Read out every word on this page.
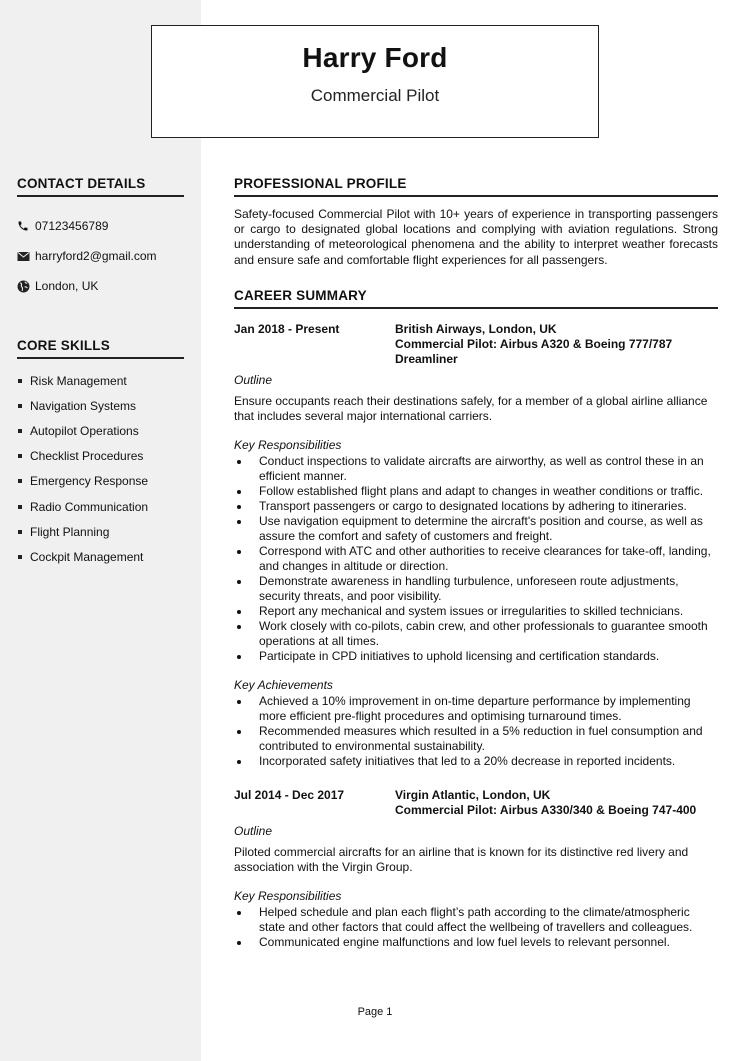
Harry Ford
Commercial Pilot
CONTACT DETAILS
07123456789
harryford2@gmail.com
London, UK
CORE SKILLS
Risk Management
Navigation Systems
Autopilot Operations
Checklist Procedures
Emergency Response
Radio Communication
Flight Planning
Cockpit Management
PROFESSIONAL PROFILE

Safety-focused Commercial Pilot with 10+ years of experience in transporting passengers or cargo to designated global locations and complying with aviation regulations. Strong understanding of meteorological phenomena and the ability to interpret weather forecasts and ensure safe and comfortable flight experiences for all passengers.

CAREER SUMMARY
Jan 2018 - Present	British Airways, London, UK
Commercial Pilot: Airbus A320 & Boeing 777/787 Dreamliner
Outline

Ensure occupants reach their destinations safely, for a member of a global airline alliance that includes several major international carriers.

Key Responsibilities
Conduct inspections to validate aircrafts are airworthy, as well as control these in an efficient manner.
Follow established flight plans and adapt to changes in weather conditions or traffic.
Transport passengers or cargo to designated locations by adhering to itineraries.
Use navigation equipment to determine the aircraft's position and course, as well as assure the comfort and safety of customers and freight.
Correspond with ATC and other authorities to receive clearances for take-off, landing, and changes in altitude or direction.
Demonstrate awareness in handling turbulence, unforeseen route adjustments, security threats, and poor visibility.
Report any mechanical and system issues or irregularities to skilled technicians.
Work closely with co-pilots, cabin crew, and other professionals to guarantee smooth operations at all times.
Participate in CPD initiatives to uphold licensing and certification standards.
Key Achievements
Achieved a 10% improvement in on-time departure performance by implementing more efficient pre-flight procedures and optimising turnaround times.
Recommended measures which resulted in a 5% reduction in fuel consumption and contributed to environmental sustainability.
Incorporated safety initiatives that led to a 20% decrease in reported incidents.
Jul 2014 - Dec 2017	Virgin Atlantic, London, UK
Commercial Pilot: Airbus A330/340 & Boeing 747-400
Outline

Piloted commercial aircrafts for an airline that is known for its distinctive red livery and association with the Virgin Group.

Key Responsibilities
Helped schedule and plan each flight’s path according to the climate/atmospheric state and other factors that could affect the wellbeing of travellers and colleagues.
Communicated engine malfunctions and low fuel levels to relevant personnel.
Page 1
